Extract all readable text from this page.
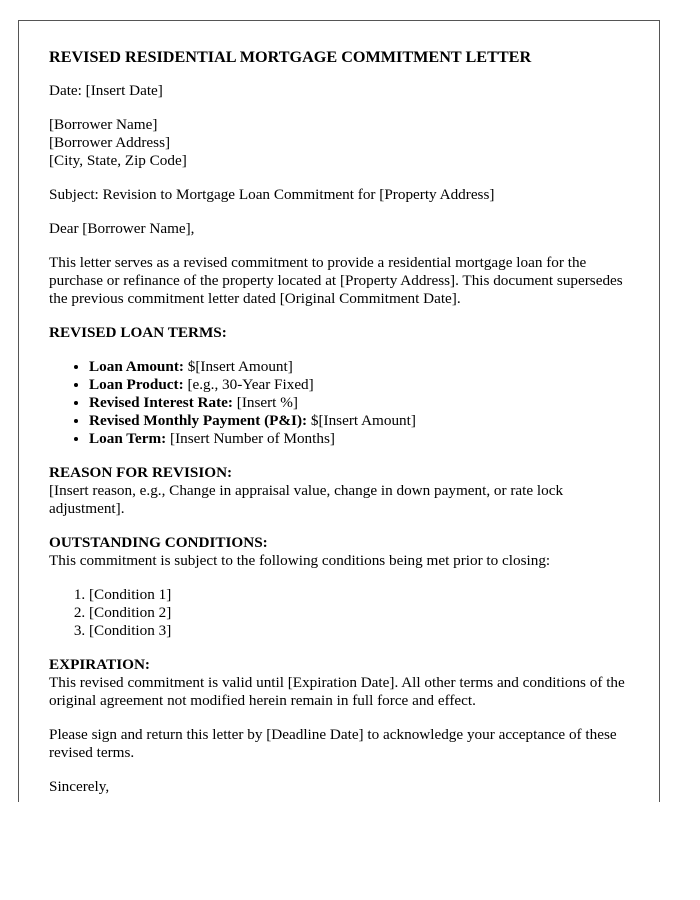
REVISED RESIDENTIAL MORTGAGE COMMITMENT LETTER

Date: [Insert Date]

[Borrower Name]
[Borrower Address]
[City, State, Zip Code]

Subject: Revision to Mortgage Loan Commitment for [Property Address]

Dear [Borrower Name],

This letter serves as a revised commitment to provide a residential mortgage loan for the purchase or refinance of the property located at [Property Address]. This document supersedes the previous commitment letter dated [Original Commitment Date].

REVISED LOAN TERMS:
• Loan Amount: $[Insert Amount]
• Loan Product: [e.g., 30-Year Fixed]
• Revised Interest Rate: [Insert %]
• Revised Monthly Payment (P&I): $[Insert Amount]
• Loan Term: [Insert Number of Months]
REASON FOR REVISION:

[Insert reason, e.g., Change in appraisal value, change in down payment, or rate lock adjustment].

OUTSTANDING CONDITIONS:

This commitment is subject to the following conditions being met prior to closing:

1. [Condition 1]
2. [Condition 2]
3. [Condition 3]
EXPIRATION:

This revised commitment is valid until [Expiration Date]. All other terms and conditions of the original agreement not modified herein remain in full force and effect.

Please sign and return this letter by [Deadline Date] to acknowledge your acceptance of these revised terms.

Sincerely,
